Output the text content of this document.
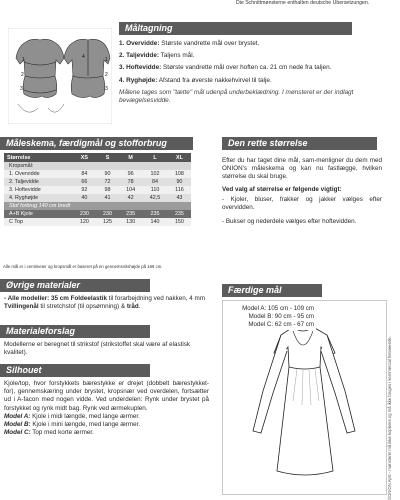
Die Schnittmønsterne enthalten deutsche Übersetzungen.
Måltagning
1
2
3
4	1
2
3

1. Overvidde: Største vandrette mål over brystet.

2. Taljevidde: Taljens mål.

3. Hoftevidde: Største vandrette mål over hoften ca. 21 cm nede fra taljen.

4. Ryghøjde: Afstand fra øverste nakkehvirvel til talje.

Målene tages som "tætte" mål udenpå underbeklædning. I mønsteret er der indlagt bevægelsesvidde.

Måleskema, færdigmål og stofforbrug
Størrelse	XS	S	M	L	XL
Kropsmål:					
1. Overvidde	84	90	96	102	108
2. Taljevidde	66	72	78	84	90
3. Hoftevidde	92	98	104	110	116
4. Ryghøjde	40	41	42	42,5	43
Stof forbrug 140 cm bredt					
A+B Kjole	230	230	235	235	235
C Top	120	125	130	140	150
Alle mål er i centimeter og kropsmål er baseret på en gennemsnitshøjde på 168 cm.
Den rette størrelse
Efter du har taget dine mål, sam-menligner du dem med ONION's måleskema og kan nu fastlægge, hvilken størrelse du skal bruge.
Ved valg af størrelse er følgende vigtigt:
- Kjoler, bluser, frakker og jakker vælges efter overvidden.
- Bukser og nederdele vælges efter hoftevidden.
Øvrige materialer
- Alle modeller: 35 cm Foldeelastik til forarbejdning ved nakken, 4 mm Tvillingenål til stretchstof (til opsømning) & tråd.
Materialeforslag
Modellerne er beregnet til strikstof (strikstoffet skal være af elastisk kvalitet).
Færdige mål
Model A: 105 cm - 109 cm
Model B: 90 cm - 95 cm
Model C: 62 cm - 67 cm
Silhouet
Kjole/top, hvor forstykkets bærestykke er drejet (dobbelt bærestykket-for), gennemskæring under brystet, kropsnær ved overdelen, fortsætter ud i A-facon med nogen vidde. Ved underdelen: Rynk under brystet på forstykket og rynk midt bag. Rynk ved ærmekuplen.
Model A: Kjole i midi længde, med lange ærmer.
Model B: Kjole i mini længde, med lange ærmer.
Model C: Top med korte ærmer.	©ONION ApS - mønsteret må ikke kopieres og må ikke bruges i kommercial henseende.
